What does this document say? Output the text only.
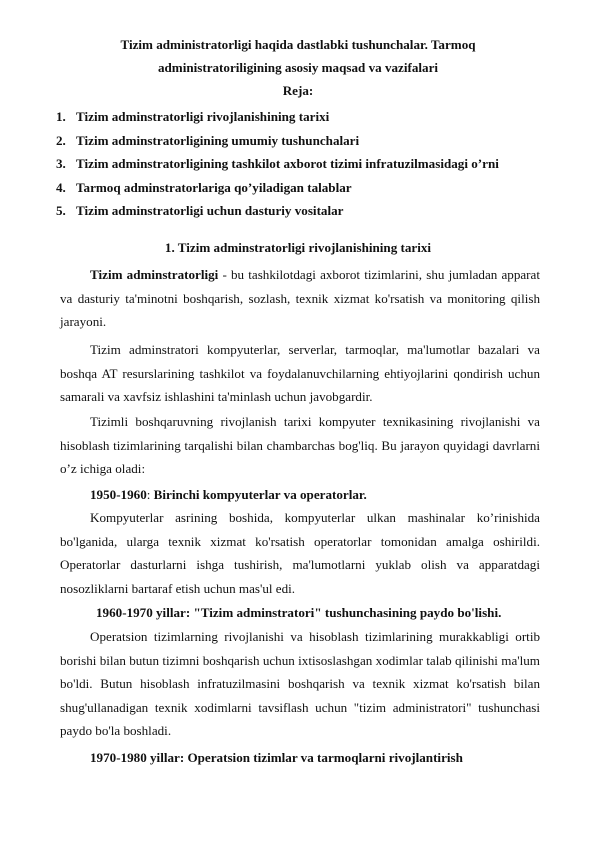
Tizim administratorligi haqida dastlabki tushunchalar. Tarmoq
administratoriligining asosiy maqsad va vazifalari
Reja:
1. Tizim adminstratorligi rivojlanishining tarixi
2. Tizim adminstratorligining umumiy tushunchalari
3. Tizim adminstratorligining tashkilot axborot tizimi infratuzilmasidagi o’rni
4. Tarmoq adminstratorlariga qo’yiladigan talablar
5. Tizim adminstratorligi uchun dasturiy vositalar
1. Tizim adminstratorligi rivojlanishining tarixi

Tizim adminstratorligi - bu tashkilotdagi axborot tizimlarini, shu jumladan apparat va dasturiy ta'minotni boshqarish, sozlash, texnik xizmat ko'rsatish va monitoring qilish jarayoni.

Tizim adminstratori kompyuterlar, serverlar, tarmoqlar, ma'lumotlar bazalari va boshqa AT resurslarining tashkilot va foydalanuvchilarning ehtiyojlarini qondirish uchun samarali va xavfsiz ishlashini ta'minlash uchun javobgardir.

Tizimli boshqaruvning rivojlanish tarixi kompyuter texnikasining rivojlanishi va hisoblash tizimlarining tarqalishi bilan chambarchas bog'liq. Bu jarayon quyidagi davrlarni o’z ichiga oladi:

1950-1960: Birinchi kompyuterlar va operatorlar.

Kompyuterlar asrining boshida, kompyuterlar ulkan mashinalar ko’rinishida bo'lganida, ularga texnik xizmat ko'rsatish operatorlar tomonidan amalga oshirildi. Operatorlar dasturlarni ishga tushirish, ma'lumotlarni yuklab olish va apparatdagi nosozliklarni bartaraf etish uchun mas'ul edi.

1960-1970 yillar: "Tizim adminstratori" tushunchasining paydo bo'lishi.

Operatsion tizimlarning rivojlanishi va hisoblash tizimlarining murakkabligi ortib borishi bilan butun tizimni boshqarish uchun ixtisoslashgan xodimlar talab qilinishi ma'lum bo'ldi. Butun hisoblash infratuzilmasini boshqarish va texnik xizmat ko'rsatish bilan shug'ullanadigan texnik xodimlarni tavsiflash uchun "tizim administratori" tushunchasi paydo bo'la boshladi.

1970-1980 yillar: Operatsion tizimlar va tarmoqlarni rivojlantirish
